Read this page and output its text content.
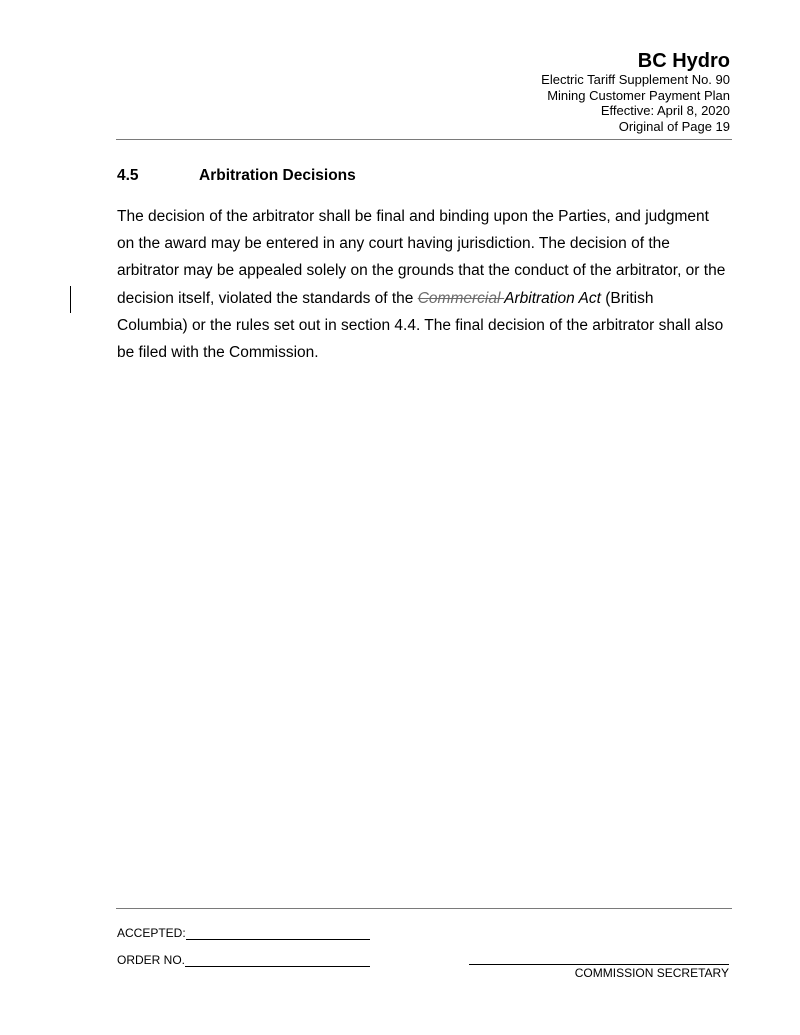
BC Hydro
Electric Tariff Supplement No. 90
Mining Customer Payment Plan
Effective: April 8, 2020
Original of Page 19
4.5	Arbitration Decisions

The decision of the arbitrator shall be final and binding upon the Parties, and judgment on the award may be entered in any court having jurisdiction. The decision of the arbitrator may be appealed solely on the grounds that the conduct of the arbitrator, or the decision itself, violated the standards of the Commercial Arbitration Act (British Columbia) or the rules set out in section 4.4. The final decision of the arbitrator shall also be filed with the Commission.

ACCEPTED:
ORDER NO.
COMMISSION SECRETARY
